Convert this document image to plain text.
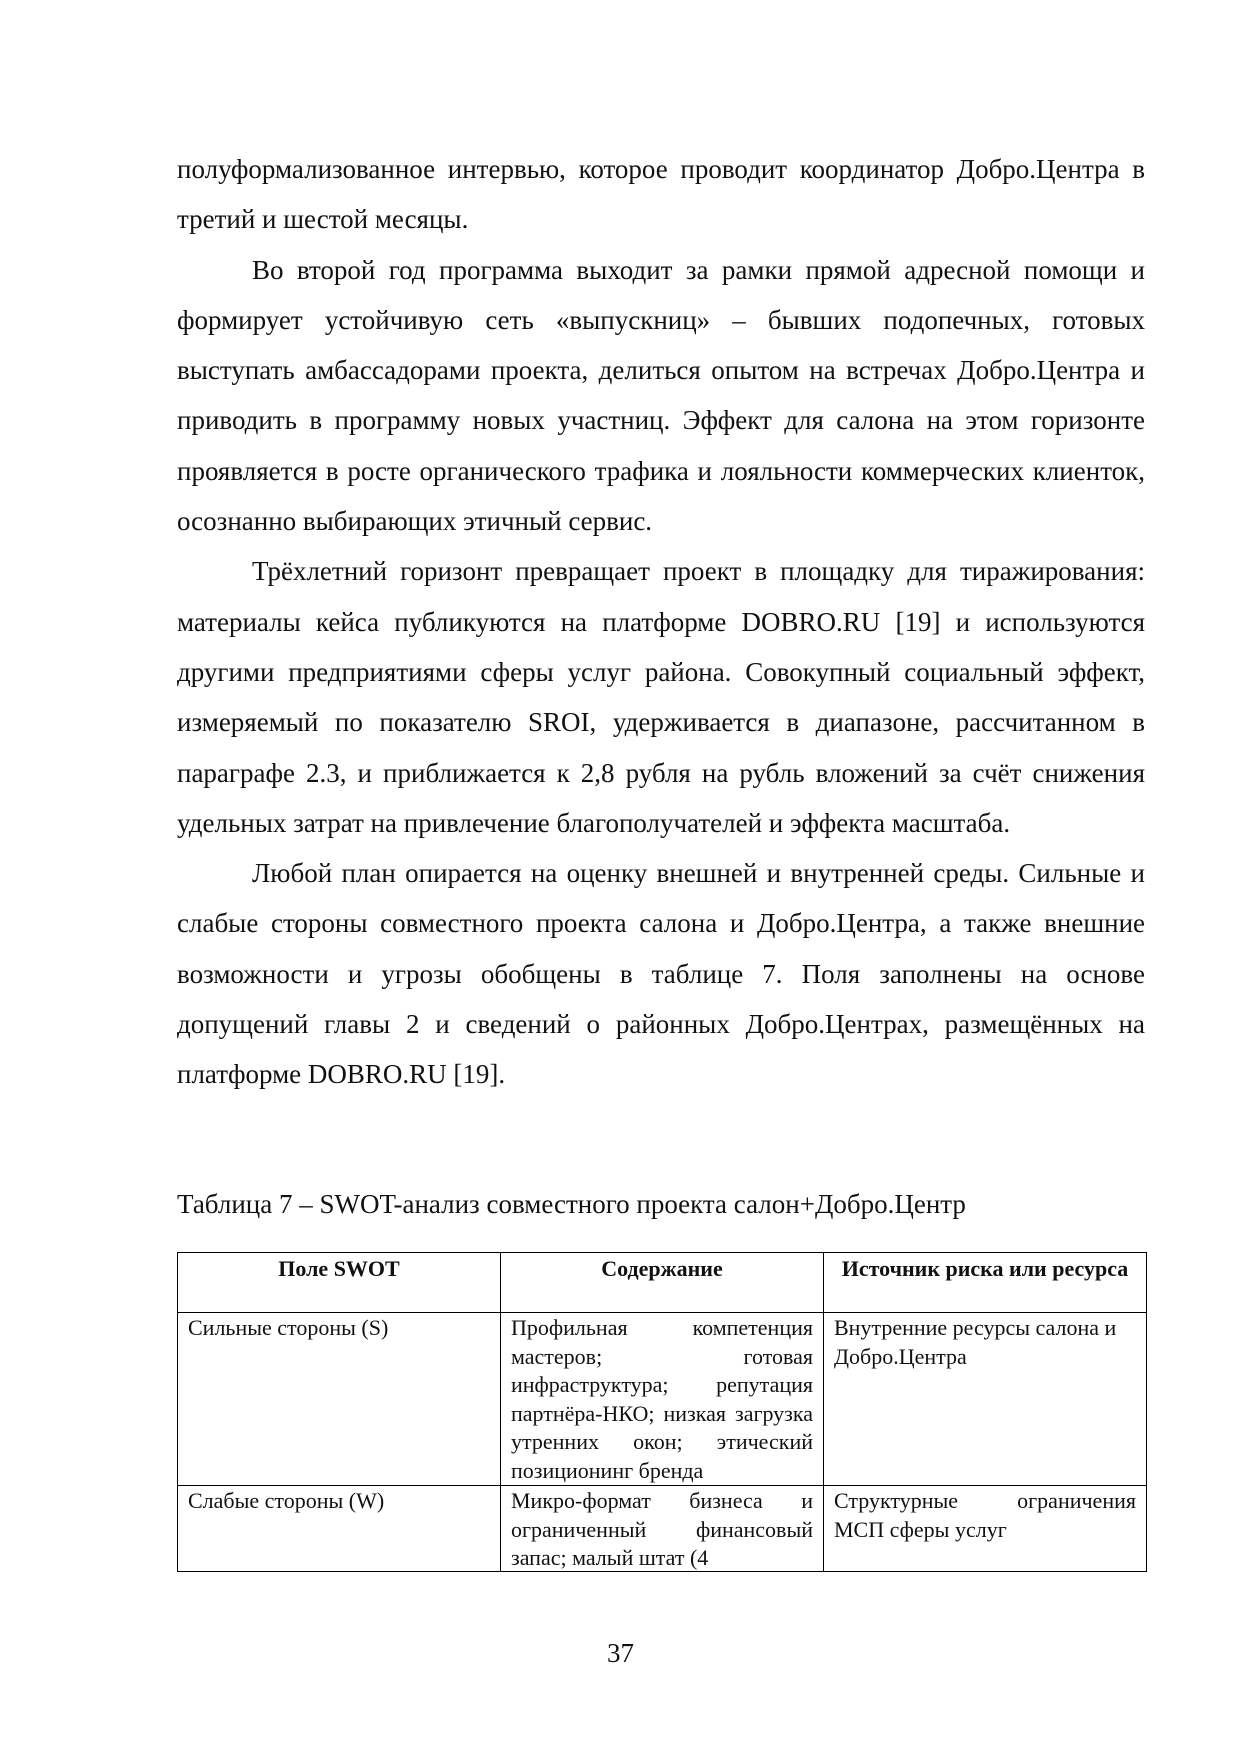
полуформализованное интервью, которое проводит координатор Добро.Центра в третий и шестой месяцы.

Во второй год программа выходит за рамки прямой адресной помощи и формирует устойчивую сеть «выпускниц» – бывших подопечных, готовых выступать амбассадорами проекта, делиться опытом на встречах Добро.Центра и приводить в программу новых участниц. Эффект для салона на этом горизонте проявляется в росте органического трафика и лояльности коммерческих клиенток, осознанно выбирающих этичный сервис.

Трёхлетний горизонт превращает проект в площадку для тиражирования: материалы кейса публикуются на платформе DOBRO.RU [19] и используются другими предприятиями сферы услуг района. Совокупный социальный эффект, измеряемый по показателю SROI, удерживается в диапазоне, рассчитанном в параграфе 2.3, и приближается к 2,8 рубля на рубль вложений за счёт снижения удельных затрат на привлечение благополучателей и эффекта масштаба.

Любой план опирается на оценку внешней и внутренней среды. Сильные и слабые стороны совместного проекта салона и Добро.Центра, а также внешние возможности и угрозы обобщены в таблице 7. Поля заполнены на основе допущений главы 2 и сведений о районных Добро.Центрах, размещённых на платформе DOBRO.RU [19].

Таблица 7 – SWOT-анализ совместного проекта салон+Добро.Центр

Поле SWOT	Содержание	Источник риска или ресурса
Сильные стороны (S)	Профильная компетенция мастеров; готовая инфраструктура; репутация партнёра-НКО; низкая загрузка утренних окон; этический позиционинг бренда	Внутренние ресурсы салона и Добро.Центра

Слабые стороны (W)	Микро-формат бизнеса и ограниченный финансовый запас; малый штат (4	Структурные ограничения МСП сферы услуг

37
